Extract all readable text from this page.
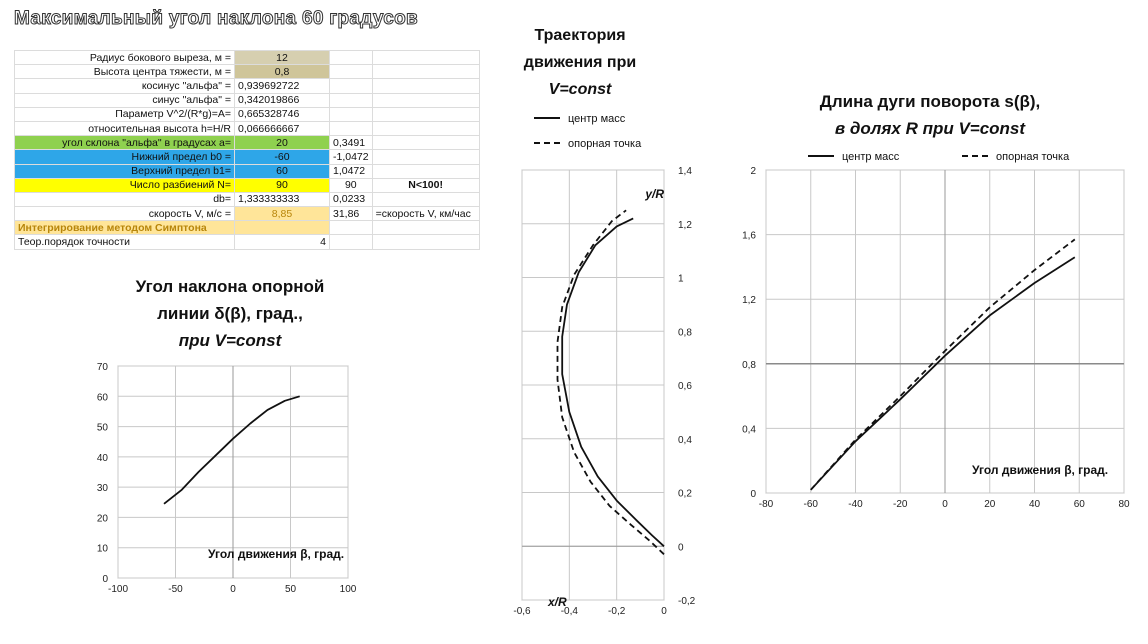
Максимальный угол наклона 60 градусов
Радиус бокового выреза, м =	12		
Высота центра тяжести, м =	0,8		
косинус "альфа" =	0,939692722		
синус "альфа" =	0,342019866		
Параметр V^2/(R*g)=A=	0,665328746		
относительная высота h=H/R	0,066666667		
угол склона "альфа" в градусах a=	20	0,3491	
Нижний предел b0 =	-60	-1,0472	
Верхний предел b1=	60	1,0472	
Число разбиений N=	90	90	N<100!
db=	1,333333333	0,0233	
скорость V, м/с =	8,85	31,86	=скорость V, км/час
Интегрирование методом Симптона			
Теор.порядок точности	4		
Угол наклона опорной
линии δ(β), град.,
при V=const
Траектория
движения при
V=const
Длина дуги поворота s(β),
в долях R при V=const
-100	-50	0	50	100
0
10
20
30
40
50
60
70
Угол движения β, град.
-0,6	-0,4	-0,2	0
-0,2
0
0,2
0,4
0,6
0,8
1
1,2
1,4
x/R
y/R
центр масс
опорная точка
-80	-60	-40	-20	0	20	40	60	80
0
0,4
0,8
1,2
1,6
2
Угол движения β, град.
центр масс	опорная точка
